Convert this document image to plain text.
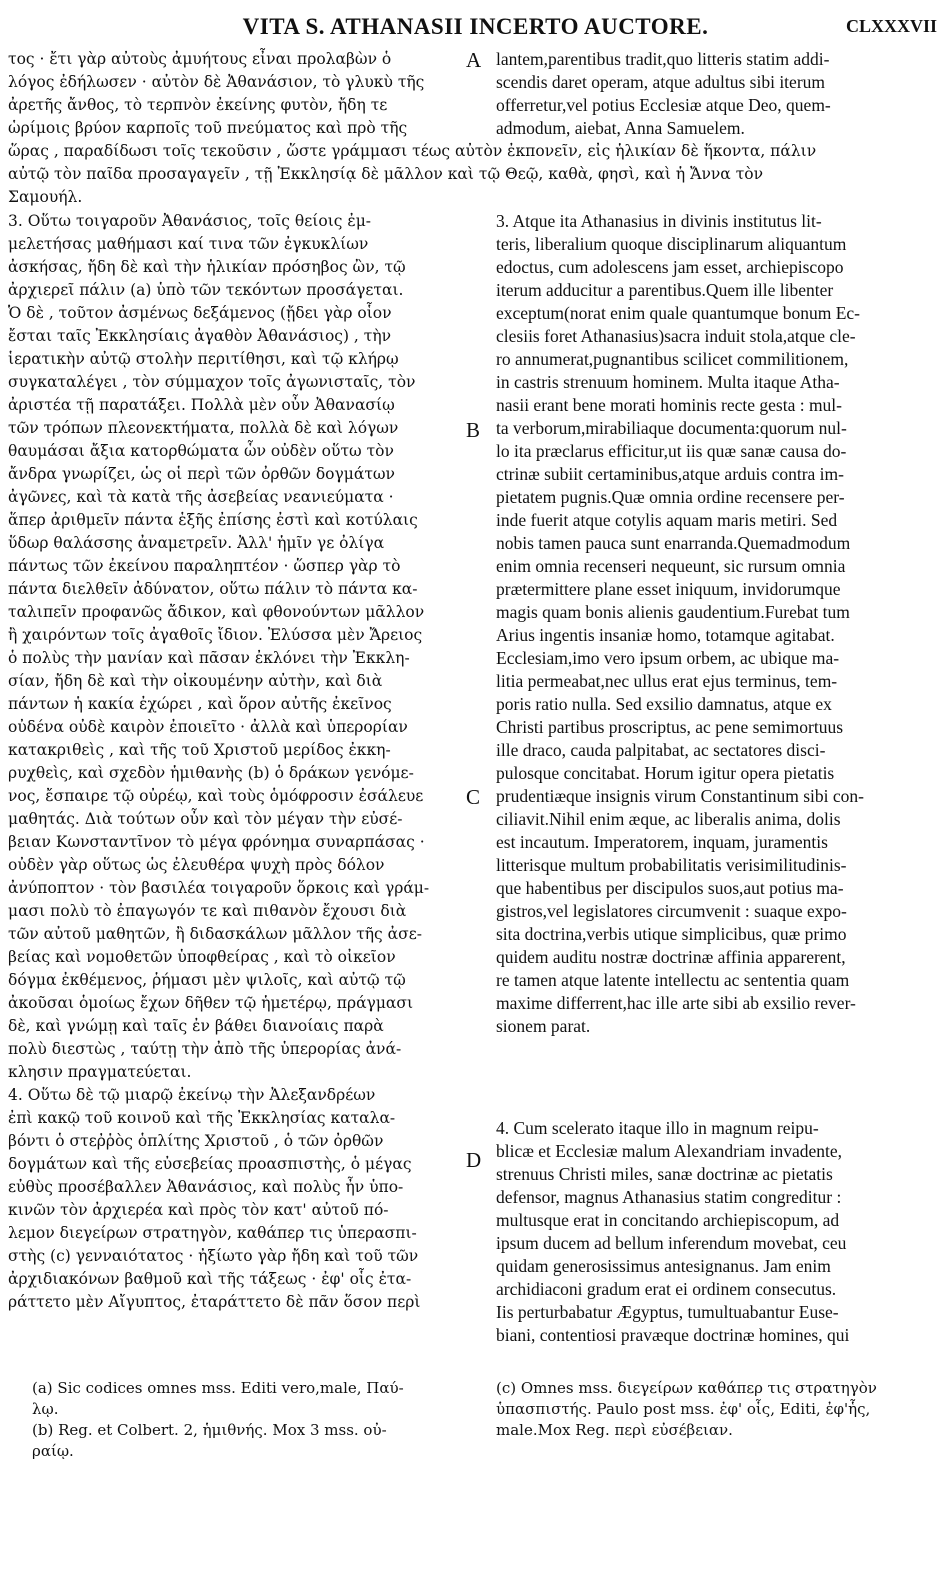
VITA S. ATHANASII INCERTO AUCTORE.	CLXXXVII
τος · ἔτι γὰρ αὐτοὺς ἀμυήτους εἶναι προλαβὼν ὁ
λόγος ἐδήλωσεν · αὐτὸν δὲ Ἀθανάσιον, τὸ γλυκὺ τῆς
ἀρετῆς ἄνθος, τὸ τερπνὸν ἐκείνης φυτὸν, ἤδη τε
ὡρίμοις βρύον καρποῖς τοῦ πνεύματος καὶ πρὸ τῆς
A lantem,parentibus tradit,quo litteris statim addi-
scendis daret operam, atque adultus sibi iterum
offerretur,vel potius Ecclesiæ atque Deo, quem-
admodum, aiebat, Anna Samuelem.
ὥρας , παραδίδωσι τοῖς τεκοῦσιν , ὥστε γράμμασι τέως αὐτὸν ἐκπονεῖν, εἰς ἡλικίαν δὲ ἥκοντα, πάλιν
αὐτῷ τὸν παῖδα προσαγαγεῖν , τῇ Ἐκκλησίᾳ δὲ μᾶλλον καὶ τῷ Θεῷ, καθὰ, φησὶ, καὶ ἡ Ἄννα τὸν
Σαμουήλ.
3. Οὕτω τοιγαροῦν Ἀθανάσιος, τοῖς θείοις ἐμ-
μελετήσας μαθήμασι καί τινα τῶν ἐγκυκλίων
ἀσκήσας, ἤδη δὲ καὶ τὴν ἡλικίαν πρόσηβος ὢν, τῷ
ἀρχιερεῖ πάλιν (a) ὑπὸ τῶν τεκόντων προσάγεται.
Ὁ δὲ , τοῦτον ἀσμένως δεξάμενος (ᾔδει γὰρ οἷον
ἔσται ταῖς Ἐκκλησίαις ἀγαθὸν Ἀθανάσιος) , τὴν
ἱερατικὴν αὐτῷ στολὴν περιτίθησι, καὶ τῷ κλήρῳ
συγκαταλέγει , τὸν σύμμαχον τοῖς ἀγωνισταῖς, τὸν
ἀριστέα τῇ παρατάξει. Πολλὰ μὲν οὖν Ἀθανασίῳ
τῶν τρόπων πλεονεκτήματα, πολλὰ δὲ καὶ λόγων
θαυμάσαι ἄξια κατορθώματα ὧν οὐδὲν οὕτω τὸν
ἄνδρα γνωρίζει, ὡς οἱ περὶ τῶν ὀρθῶν δογμάτων
ἀγῶνες, καὶ τὰ κατὰ τῆς ἀσεβείας νεανιεύματα ·
ἅπερ ἀριθμεῖν πάντα ἑξῆς ἐπίσης ἐστὶ καὶ κοτύλαις
ὕδωρ θαλάσσης ἀναμετρεῖν. Ἀλλ' ἡμῖν γε ὀλίγα
πάντως τῶν ἐκείνου παραληπτέον · ὥσπερ γὰρ τὸ
πάντα διελθεῖν ἀδύνατον, οὕτω πάλιν τὸ πάντα κα-
ταλιπεῖν προφανῶς ἄδικον, καὶ φθονούντων μᾶλλον
ἢ χαιρόντων τοῖς ἀγαθοῖς ἴδιον. Ἐλύσσα μὲν Ἄρειος
ὁ πολὺς τὴν μανίαν καὶ πᾶσαν ἐκλόνει τὴν Ἐκκλη-
σίαν, ἤδη δὲ καὶ τὴν οἰκουμένην αὐτὴν, καὶ διὰ
πάντων ἡ κακία ἐχώρει , καὶ ὅρον αὐτῆς ἐκεῖνος
οὐδένα οὐδὲ καιρὸν ἐποιεῖτο · ἀλλὰ καὶ ὑπερορίαν
κατακριθεὶς , καὶ τῆς τοῦ Χριστοῦ μερίδος ἐκκη-
ρυχθεὶς, καὶ σχεδὸν ἡμιθανὴς (b) ὁ δράκων γενόμε-
νος, ἔσπαιρε τῷ οὐρέῳ, καὶ τοὺς ὁμόφροσιν ἐσάλευε
μαθητάς. Διὰ τούτων οὖν καὶ τὸν μέγαν τὴν εὐσέ-
βειαν Κωνσταντῖνον τὸ μέγα φρόνημα συναρπάσας ·
οὐδὲν γὰρ οὕτως ὡς ἐλευθέρα ψυχὴ πρὸς δόλον
ἀνύποπτον · τὸν βασιλέα τοιγαροῦν ὅρκοις καὶ γράμ-
μασι πολὺ τὸ ἐπαγωγόν τε καὶ πιθανὸν ἔχουσι διὰ
τῶν αὐτοῦ μαθητῶν, ἢ διδασκάλων μᾶλλον τῆς ἀσε-
βείας καὶ νομοθετῶν ὑποφθείρας , καὶ τὸ οἰκεῖον
δόγμα ἐκθέμενος, ῥήμασι μὲν ψιλοῖς, καὶ αὐτῷ τῷ
ἀκοῦσαι ὁμοίως ἔχων δῆθεν τῷ ἡμετέρῳ, πράγμασι
δὲ, καὶ γνώμῃ καὶ ταῖς ἐν βάθει διανοίαις παρὰ
πολὺ διεστὼς , ταύτῃ τὴν ἀπὸ τῆς ὑπερορίας ἀνά-
κλησιν πραγματεύεται.
4. Οὕτω δὲ τῷ μιαρῷ ἐκείνῳ τὴν Ἀλεξανδρέων
ἐπὶ κακῷ τοῦ κοινοῦ καὶ τῆς Ἐκκλησίας καταλα-
βόντι ὁ στεῤῥὸς ὁπλίτης Χριστοῦ , ὁ τῶν ὀρθῶν
δογμάτων καὶ τῆς εὐσεβείας προασπιστὴς, ὁ μέγας
εὐθὺς προσέβαλλεν Ἀθανάσιος, καὶ πολὺς ἦν ὑπο-
κινῶν τὸν ἀρχιερέα καὶ πρὸς τὸν κατ' αὐτοῦ πό-
λεμον διεγείρων στρατηγὸν, καθάπερ τις ὑπερασπι-
στὴς (c) γενναιότατος · ἠξίωτο γὰρ ἤδη καὶ τοῦ τῶν
ἀρχιδιακόνων βαθμοῦ καὶ τῆς τάξεως · ἐφ' οἷς ἐτα-
ράττετο μὲν Αἴγυπτος, ἐταράττετο δὲ πᾶν ὅσον περὶ
3. Atque ita Athanasius in divinis institutus lit-
teris, liberalium quoque disciplinarum aliquantum
edoctus, cum adolescens jam esset, archiepiscopo
iterum adducitur a parentibus.Quem ille libenter
exceptum(norat enim quale quantumque bonum Ec-
clesiis foret Athanasius)sacra induit stola,atque cle-
ro annumerat,pugnantibus scilicet commilitionem,
in castris strenuum hominem. Multa itaque Atha-
nasii erant bene morati hominis recte gesta : mul-
ta verborum,mirabiliaque documenta:quorum nul-
lo ita præclarus efficitur,ut iis quæ sanæ causa do-
ctrinæ subiit certaminibus,atque arduis contra im-
pietatem pugnis.Quæ omnia ordine recensere per-
inde fuerit atque cotylis aquam maris metiri. Sed
nobis tamen pauca sunt enarranda.Quemadmodum
enim omnia recenseri nequeunt, sic rursum omnia
prætermittere plane esset iniquum, invidorumque
magis quam bonis alienis gaudentium.Furebat tum
Arius ingentis insaniæ homo, totamque agitabat.
Ecclesiam,imo vero ipsum orbem, ac ubique ma-
litia permeabat,nec ullus erat ejus terminus, tem-
poris ratio nulla. Sed exsilio damnatus, atque ex
Christi partibus proscriptus, ac pene semimortuus
ille draco, cauda palpitabat, ac sectatores disci-
pulosque concitabat. Horum igitur opera pietatis
prudentiæque insignis virum Constantinum sibi con-
ciliavit.Nihil enim æque, ac liberalis anima, dolis
est incautum. Imperatorem, inquam, juramentis
litterisque multum probabilitatis verisimilitudinis-
que habentibus per discipulos suos,aut potius ma-
gistros,vel legislatores circumvenit : suaque expo-
sita doctrina,verbis utique simplicibus, quæ primo
quidem auditu nostræ doctrinæ affinia apparerent,
re tamen atque latente intellectu ac sententia quam
maxime differrent,hac ille arte sibi ab exsilio rever-
sionem parat.
4. Cum scelerato itaque illo in magnum reipu-
blicæ et Ecclesiæ malum Alexandriam invadente,
strenuus Christi miles, sanæ doctrinæ ac pietatis
defensor, magnus Athanasius statim congreditur :
multusque erat in concitando archiepiscopum, ad
ipsum ducem ad bellum inferendum movebat, ceu
quidam generosissimus antesignanus. Jam enim
archidiaconi gradum erat ei ordinem consecutus.
Iis perturbabatur Ægyptus, tumultuabantur Euse-
biani, contentiosi pravæque doctrinæ homines, qui
B
C
D
(a) Sic codices omnes mss. Editi vero,male, Παύ-
λῳ.
(b) Reg. et Colbert. 2, ἡμιθνής. Mox 3 mss. οὐ-
ραίῳ.
(c) Omnes mss. διεγείρων καθάπερ τις στρατηγὸν
ὑπασπιστής. Paulo post mss. ἐφ' οἷς, Editi, ἐφ'ἧς,
male.Mox Reg. περὶ εὐσέβειαν.
